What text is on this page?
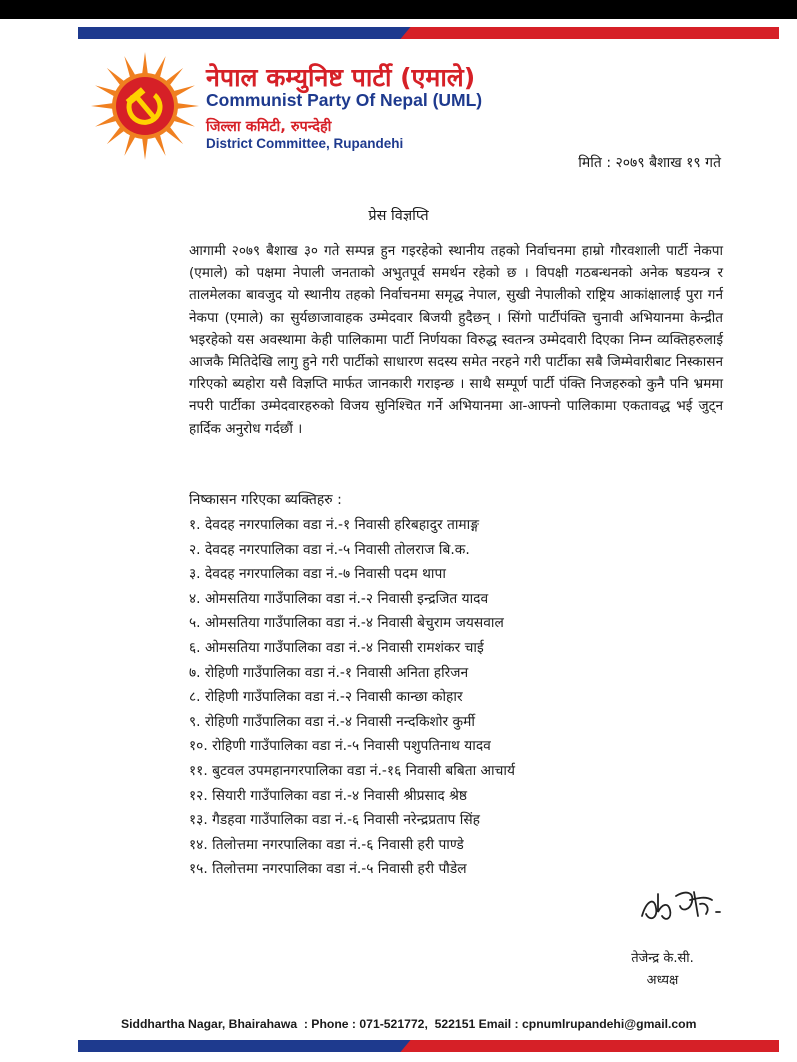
नेपाल कम्युनिष्ट पार्टी (एमाले)
Communist Party Of Nepal (UML)
जिल्ला कमिटी, रुपन्देही
District Committee, Rupandehi
मिति : २०७९ बैशाख १९ गते
प्रेस विज्ञप्ति
आगामी २०७९ बैशाख ३० गते सम्पन्न हुन गइरहेको स्थानीय तहको निर्वाचनमा हाम्रो गौरवशाली पार्टी नेकपा (एमाले) को पक्षमा नेपाली जनताको अभुतपूर्व समर्थन रहेको छ । विपक्षी गठबन्धनको अनेक षडयन्त्र र तालमेलका बावजुद यो स्थानीय तहको निर्वाचनमा समृद्ध नेपाल, सुखी नेपालीको राष्ट्रिय आकांक्षालाई पुरा गर्न नेकपा (एमाले) का सुर्यछाजावाहक उम्मेदवार बिजयी हुदैछन् । सिंगो पार्टीपंक्ति चुनावी अभियानमा केन्द्रीत भइरहेको यस अवस्थामा केही पालिकामा पार्टी निर्णयका विरुद्ध स्वतन्त्र उम्मेदवारी दिएका निम्न व्यक्तिहरुलाई आजकै मितिदेखि लागु हुने गरी पार्टीको साधारण सदस्य समेत नरहने गरी पार्टीका सबै जिम्मेवारीबाट निस्कासन गरिएको ब्यहोरा यसै विज्ञप्ति मार्फत जानकारी गराइन्छ । साथै सम्पूर्ण पार्टी पंक्ति निजहरुको कुनै पनि भ्रममा नपरी पार्टीका उम्मेदवारहरुको विजय सुनिश्चित गर्ने अभियानमा आ-आफ्नो पालिकामा एकतावद्ध भई जुट्न हार्दिक अनुरोध गर्दछौं ।
निष्कासन गरिएका ब्यक्तिहरु :
१. देवदह नगरपालिका वडा नं.-१ निवासी हरिबहादुर तामाङ्ग
२. देवदह नगरपालिका वडा नं.-५ निवासी तोलराज बि.क.
३. देवदह नगरपालिका वडा नं.-७ निवासी पदम थापा
४. ओमसतिया गाउँपालिका वडा नं.-२ निवासी इन्द्रजित यादव
५. ओमसतिया गाउँपालिका वडा नं.-४ निवासी बेचुराम जयसवाल
६. ओमसतिया गाउँपालिका वडा नं.-४ निवासी रामशंकर चाई
७. रोहिणी गाउँपालिका वडा नं.-१ निवासी अनिता हरिजन
८. रोहिणी गाउँपालिका वडा नं.-२ निवासी कान्छा कोहार
९. रोहिणी गाउँपालिका वडा नं.-४ निवासी नन्दकिशोर कुर्मी
१०. रोहिणी गाउँपालिका वडा नं.-५ निवासी पशुपतिनाथ यादव
११. बुटवल उपमहानगरपालिका वडा नं.-१६ निवासी बबिता आचार्य
१२. सियारी गाउँपालिका वडा नं.-४ निवासी श्रीप्रसाद श्रेष्ठ
१३. गैडहवा गाउँपालिका वडा नं.-६ निवासी नरेन्द्रप्रताप सिंह
१४. तिलोत्तमा नगरपालिका वडा नं.-६ निवासी हरी पाण्डे
१५. तिलोत्तमा नगरपालिका वडा नं.-५ निवासी हरी पौडेल
तेजेन्द्र के.सी.
अध्यक्ष
Siddhartha Nagar, Bhairahawa  : Phone : 071-521772,  522151 Email : cpnumlrupandehi@gmail.com
